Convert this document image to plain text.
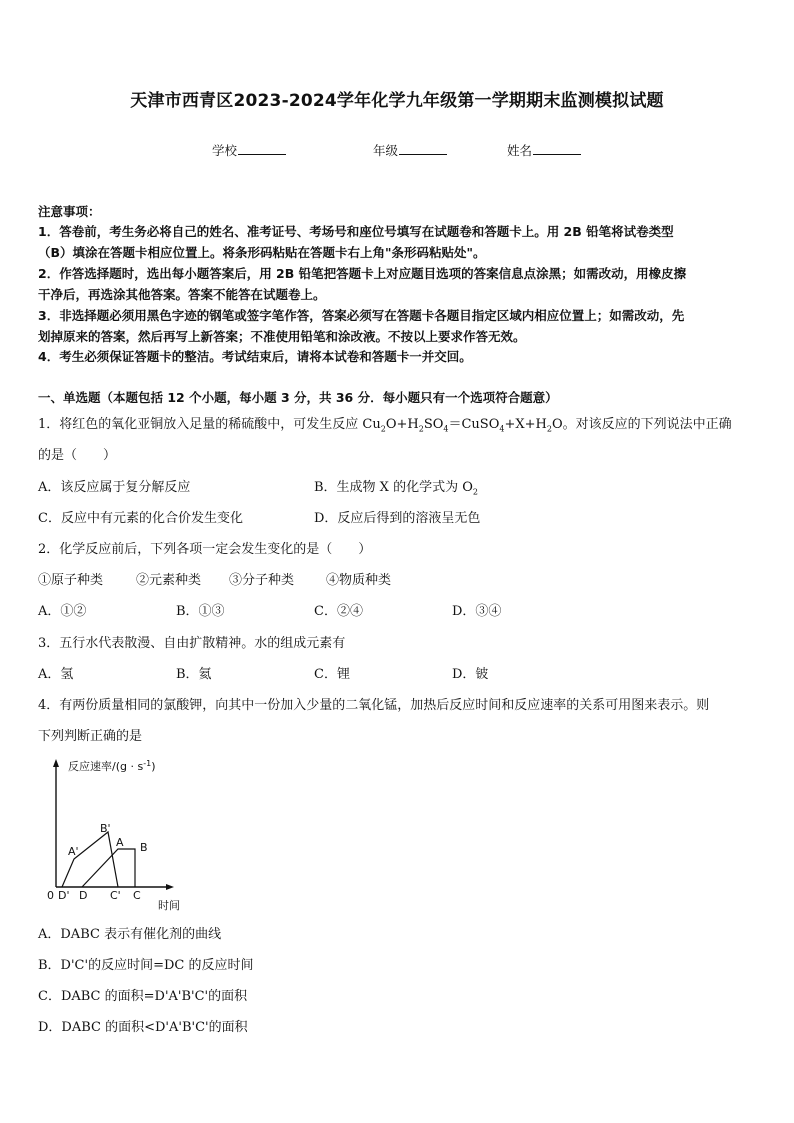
天津市西青区2023-2024学年化学九年级第一学期期末监测模拟试题
学校	年级	姓名
注意事项：
1．答卷前，考生务必将自己的姓名、准考证号、考场号和座位号填写在试题卷和答题卡上。用 2B 铅笔将试卷类型
（B）填涂在答题卡相应位置上。将条形码粘贴在答题卡右上角"条形码粘贴处"。
2．作答选择题时，选出每小题答案后，用 2B 铅笔把答题卡上对应题目选项的答案信息点涂黑；如需改动，用橡皮擦
干净后，再选涂其他答案。答案不能答在试题卷上。
3．非选择题必须用黑色字迹的钢笔或签字笔作答，答案必须写在答题卡各题目指定区域内相应位置上；如需改动，先
划掉原来的答案，然后再写上新答案；不准使用铅笔和涂改液。不按以上要求作答无效。
4．考生必须保证答题卡的整洁。考试结束后，请将本试卷和答题卡一并交回。
一、单选题（本题包括 12 个小题，每小题 3 分，共 36 分．每小题只有一个选项符合题意）
1．将红色的氧化亚铜放入足量的稀硫酸中，可发生反应 $Cu_2O+H_2SO_4=CuSO_4+X+H_2O$。对该反应的下列说法中正确
的是（　　）
A．该反应属于复分解反应	B．生成物 X 的化学式为 $O_2$
C．反应中有元素的化合价发生变化	D．反应后得到的溶液呈无色
2．化学反应前后，下列各项一定会发生变化的是（　　）
①原子种类	②元素种类 ③分子种类 ④物质种类
A．①②	B．①③	C．②④	D．③④
3．五行水代表散漫、自由扩散精神。水的组成元素有
A．氢	B．氦	C．锂	D．铍
4．有两份质量相同的氯酸钾，向其中一份加入少量的二氧化锰，加热后反应时间和反应速率的关系可用图来表示。则
下列判断正确的是
反应速率$/(g \cdot s^{-1})$
时间
0 D' D C' C
A'
B'
A B
A．DABC 表示有催化剂的曲线
B．D'C'的反应时间=DC 的反应时间
C．DABC 的面积=D'A'B'C'的面积
D．DABC 的面积<D'A'B'C'的面积
